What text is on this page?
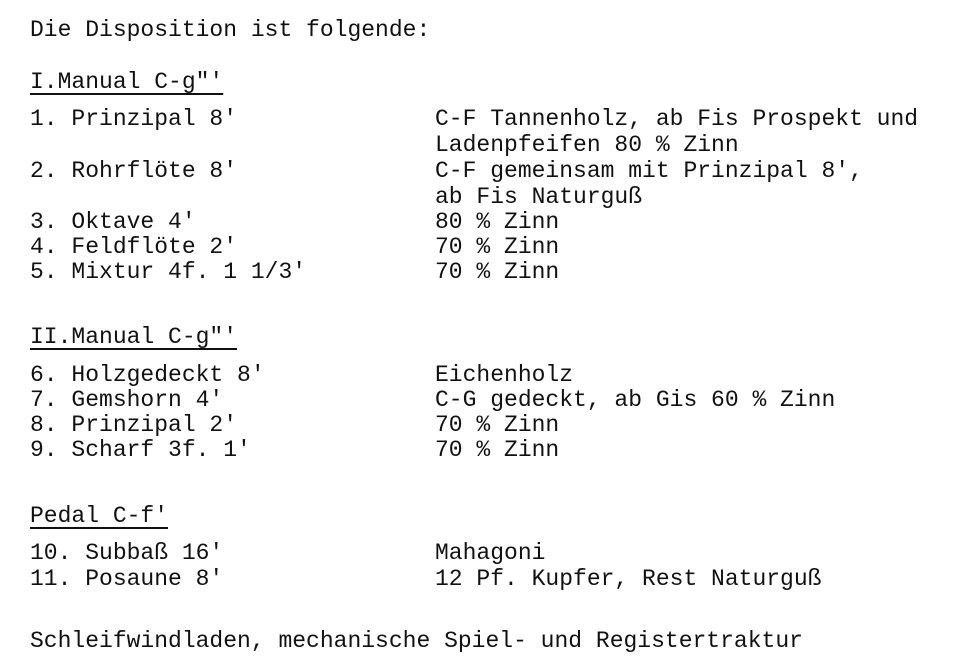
Die Disposition ist folgende:
I.Manual C-g"'
1. Prinzipal 8'	C-F Tannenholz, ab Fis Prospekt und
Ladenpfeifen 80 % Zinn
2. Rohrflöte 8'	C-F gemeinsam mit Prinzipal 8',
ab Fis Naturguß
3. Oktave 4'	80 % Zinn
4. Feldflöte 2'	70 % Zinn
5. Mixtur 4f. 1 1/3'	70 % Zinn
II.Manual C-g"'
6. Holzgedeckt 8'	Eichenholz
7. Gemshorn 4'	C-G gedeckt, ab Gis 60 % Zinn
8. Prinzipal 2'	70 % Zinn
9. Scharf 3f. 1'	70 % Zinn
Pedal C-f'
10. Subbaß 16'	Mahagoni
11. Posaune 8'	12 Pf. Kupfer, Rest Naturguß
Schleifwindladen, mechanische Spiel- und Registertraktur
